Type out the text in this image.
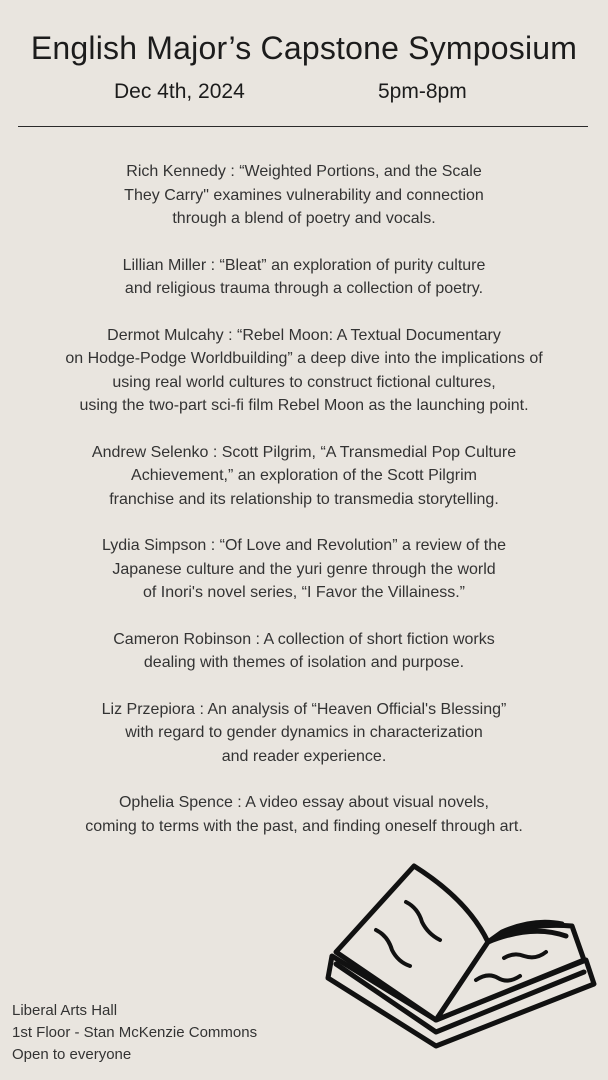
English Major’s Capstone Symposium
Dec 4th, 2024	5pm-8pm
Rich Kennedy : “Weighted Portions, and the Scale
They Carry" examines vulnerability and connection
through a blend of poetry and vocals.
Lillian Miller : “Bleat” an exploration of purity culture
and religious trauma through a collection of poetry.
Dermot Mulcahy : “Rebel Moon: A Textual Documentary
on Hodge-Podge Worldbuilding” a deep dive into the implications of
using real world cultures to construct fictional cultures,
using the two-part sci-fi film Rebel Moon as the launching point.
Andrew Selenko : Scott Pilgrim, “A Transmedial Pop Culture
Achievement,” an exploration of the Scott Pilgrim
franchise and its relationship to transmedia storytelling.
Lydia Simpson : “Of Love and Revolution” a review of the
Japanese culture and the yuri genre through the world
of Inori's novel series, “I Favor the Villainess.”
Cameron Robinson : A collection of short fiction works
dealing with themes of isolation and purpose.
Liz Przepiora : An analysis of “Heaven Official's Blessing”
with regard to gender dynamics in characterization
and reader experience.
Ophelia Spence : A video essay about visual novels,
coming to terms with the past, and finding oneself through art.
Liberal Arts Hall
1st Floor - Stan McKenzie Commons
Open to everyone
